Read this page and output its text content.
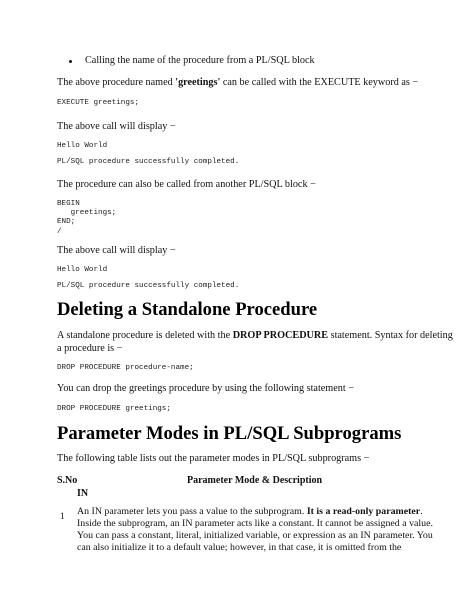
Calling the name of the procedure from a PL/SQL block
The above procedure named 'greetings' can be called with the EXECUTE keyword as −
EXECUTE greetings;
The above call will display −
Hello World
PL/SQL procedure successfully completed.
The procedure can also be called from another PL/SQL block −
BEGIN
greetings;
END;
/
The above call will display −
Hello World
PL/SQL procedure successfully completed.
Deleting a Standalone Procedure
A standalone procedure is deleted with the DROP PROCEDURE statement. Syntax for deleting
a procedure is −
DROP PROCEDURE procedure-name;
You can drop the greetings procedure by using the following statement −
DROP PROCEDURE greetings;
Parameter Modes in PL/SQL Subprograms
The following table lists out the parameter modes in PL/SQL subprograms −
S.No	Parameter Mode & Description
IN
1 An IN parameter lets you pass a value to the subprogram. It is a read-only parameter.
Inside the subprogram, an IN parameter acts like a constant. It cannot be assigned a value.
You can pass a constant, literal, initialized variable, or expression as an IN parameter. You
can also initialize it to a default value; however, in that case, it is omitted from the
